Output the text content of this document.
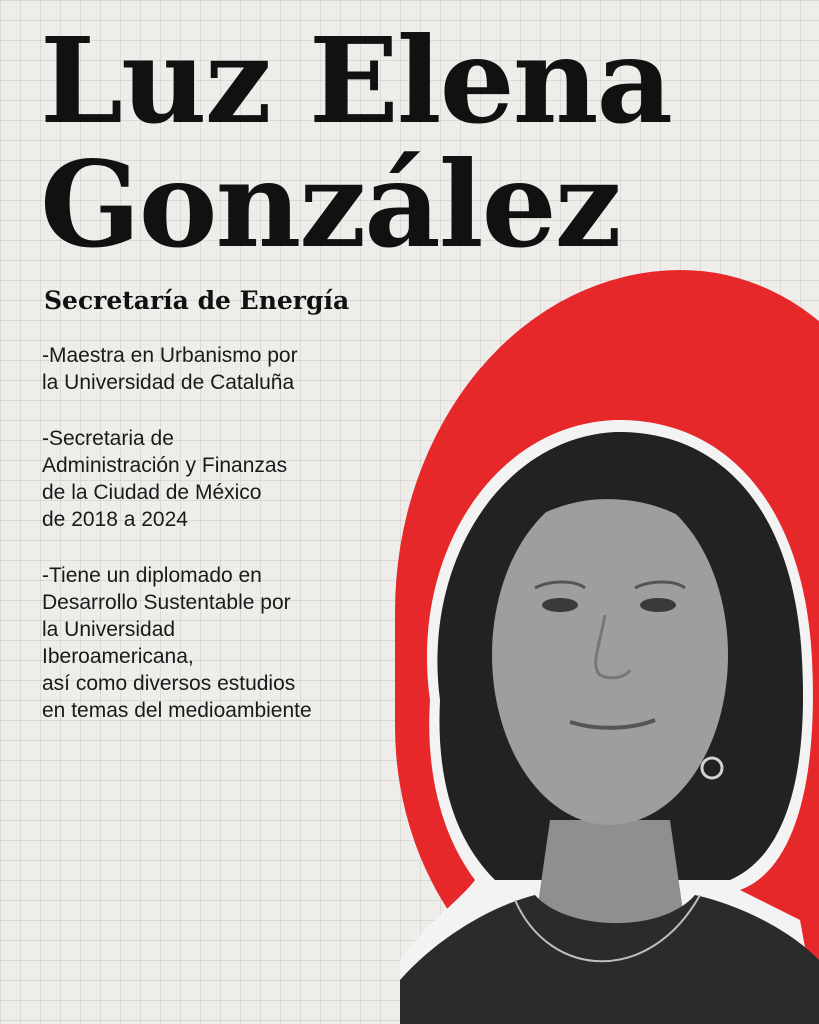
Luz Elena
González
Secretaría de Energía

-Maestra en Urbanismo por
la Universidad de Cataluña

-Secretaria de
Administración y Finanzas
de la Ciudad de México
de 2018 a 2024

-Tiene un diplomado en
Desarrollo Sustentable por
la Universidad
Iberoamericana,
así como diversos estudios
en temas del medioambiente
